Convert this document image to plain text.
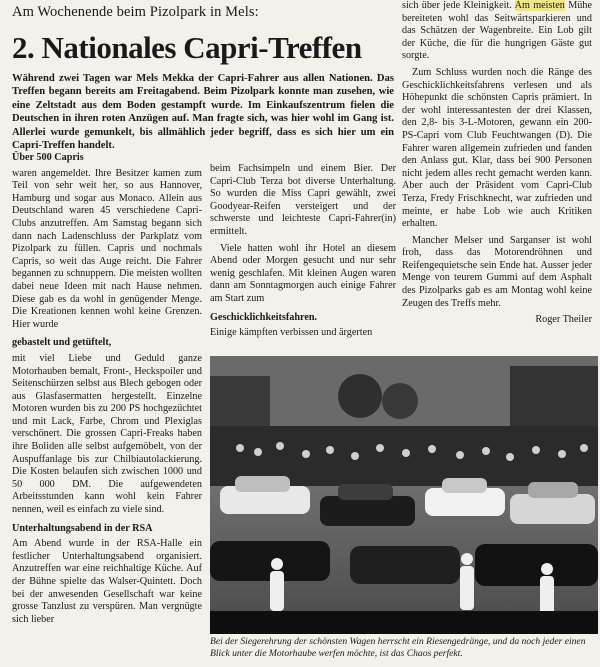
Am Wochenende beim Pizolpark in Mels:
2. Nationales Capri-Treffen
Während zwei Tagen war Mels Mekka der Capri-Fahrer aus allen Nationen. Das Treffen begann bereits am Freitagabend. Beim Pizolpark konnte man zusehen, wie eine Zeltstadt aus dem Boden gestampft wurde. Im Einkaufszentrum fielen die Deutschen in ihren roten Anzügen auf. Man fragte sich, was hier wohl im Gang ist. Allerlei wurde gemunkelt, bis allmählich jeder begriff, dass es sich hier um ein Capri-Treffen handelt.
Über 500 Capris

waren angemeldet. Ihre Besitzer kamen zum Teil von sehr weit her, so aus Hannover, Hamburg und sogar aus Monaco. Allein aus Deutschland waren 45 verschiedene Capri-Clubs anzutreffen. Am Samstag begann sich dann nach Ladenschluss der Parkplatz vom Pizolpark zu füllen. Capris und nochmals Capris, so weit das Auge reicht. Die Fahrer begannen zu schnuppern. Die meisten wollten dabei neue Ideen mit nach Hause nehmen. Diese gab es da wohl in genügender Menge. Die Kreationen kennen wohl keine Grenzen. Hier wurde

gebastelt und getüftelt,

mit viel Liebe und Geduld ganze Motorhauben bemalt, Front-, Heckspoiler und Seitenschürzen selbst aus Blech gebogen oder aus Glasfasermatten hergestellt. Einzelne Motoren wurden bis zu 200 PS hochgezüchtet und mit Lack, Farbe, Chrom und Plexiglas verschönert. Die grossen Capri-Freaks haben ihre Boliden alle selbst aufgemöbelt, von der Auspuffanlage bis zur Chilbiautolackierung. Die Kosten belaufen sich zwischen 1000 und 50 000 DM. Die aufgewendeten Arbeitsstunden kann wohl kein Fahrer nennen, weil es einfach zu viele sind.

Unterhaltungsabend in der RSA

Am Abend wurde in der RSA-Halle ein festlicher Unterhaltungsabend organisiert. Anzutreffen war eine reichhaltige Küche. Auf der Bühne spielte das Walser-Quintett. Doch bei der anwesenden Gesellschaft war keine grosse Tanzlust zu verspüren. Man vergnügte sich lieber

beim Fachsimpeln und einem Bier. Der Capri-Club Terza bot diverse Unterhaltung. So wurden die Miss Capri gewählt, zwei Goodyear-Reifen versteigert und der schwerste und leichteste Capri-Fahrer(in) ermittelt.

Viele hatten wohl ihr Hotel an diesem Abend oder Morgen gesucht und nur sehr wenig geschlafen. Mit kleinen Augen waren dann am Sonntagmorgen auch einige Fahrer am Start zum

Geschicklichkeitsfahren.

Einige kämpften verbissen und ärgerten

sich über jede Kleinigkeit. Am meisten Mühe bereiteten wohl das Seitwärtsparkieren und das Schätzen der Wagenbreite. Ein Lob gilt der Küche, die für die hungrigen Gäste gut sorgte.

Zum Schluss wurden noch die Ränge des Geschicklichkeitsfahrens verlesen und als Höhepunkt die schönsten Capris prämiert. In der wohl interessantesten der drei Klassen, den 2,8- bis 3-L-Motoren, gewann ein 200-PS-Capri vom Club Feuchtwangen (D). Die Fahrer waren allgemein zufrieden und fanden den Anlass gut. Klar, dass bei 900 Personen nicht jedem alles recht gemacht werden kann. Aber auch der Präsident vom Capri-Club Terza, Fredy Frischknecht, war zufrieden und meinte, er habe Lob wie auch Kritiken erhalten.

Mancher Melser und Sarganser ist wohl froh, dass das Motorendröhnen und Reifengequietsche sein Ende hat. Ausser jeder Menge von teurem Gummi auf dem Asphalt des Pizolparks gab es am Montag wohl keine Zeugen des Treffs mehr.

Roger Theiler
Bei der Siegerehrung der schönsten Wagen herrscht ein Riesengedränge, und da noch jeder einen Blick unter die Motorhaube werfen möchte, ist das Chaos perfekt.
